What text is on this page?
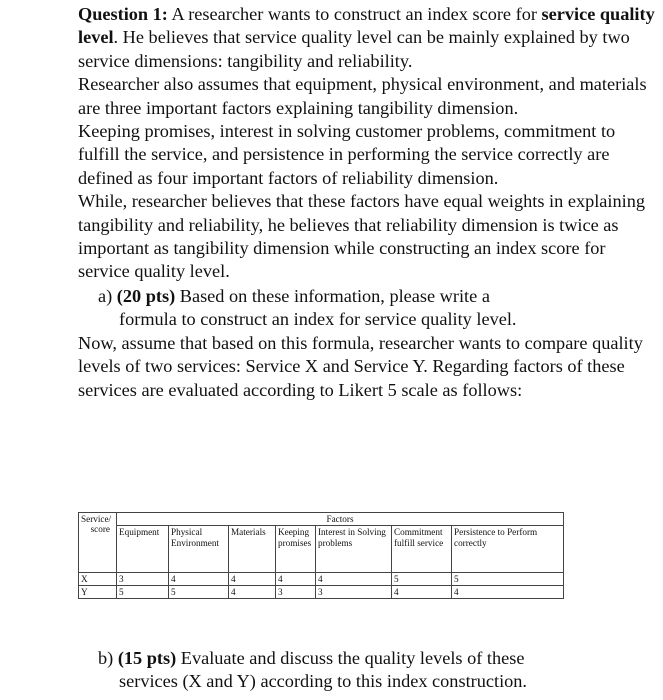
Question 1: A researcher wants to construct an index score for service quality level. He believes that service quality level can be mainly explained by two service dimensions: tangibility and reliability.

Researcher also assumes that equipment, physical environment, and materials are three important factors explaining tangibility dimension.

Keeping promises, interest in solving customer problems, commitment to fulfill the service, and persistence in performing the service correctly are defined as four important factors of reliability dimension.

While, researcher believes that these factors have equal weights in explaining tangibility and reliability, he believes that reliability dimension is twice as important as tangibility dimension while constructing an index score for service quality level.

a) (20 pts) Based on these information, please write a
formula to construct an index for service quality level.

Now, assume that based on this formula, researcher wants to compare quality levels of two services: Service X and Service Y. Regarding factors of these services are evaluated according to Likert 5 scale as follows:

Service/
score	Factors						
	Equipment	Physical Environment	Materials	Keeping promises	Interest in Solving problems	Commitment fulfill service	Persistence to Perform correctly
X	3	4	4	4	4	5	5
Y	5	5	4	3	3	4	4
b) (15 pts) Evaluate and discuss the quality levels of these
services (X and Y) according to this index construction.
